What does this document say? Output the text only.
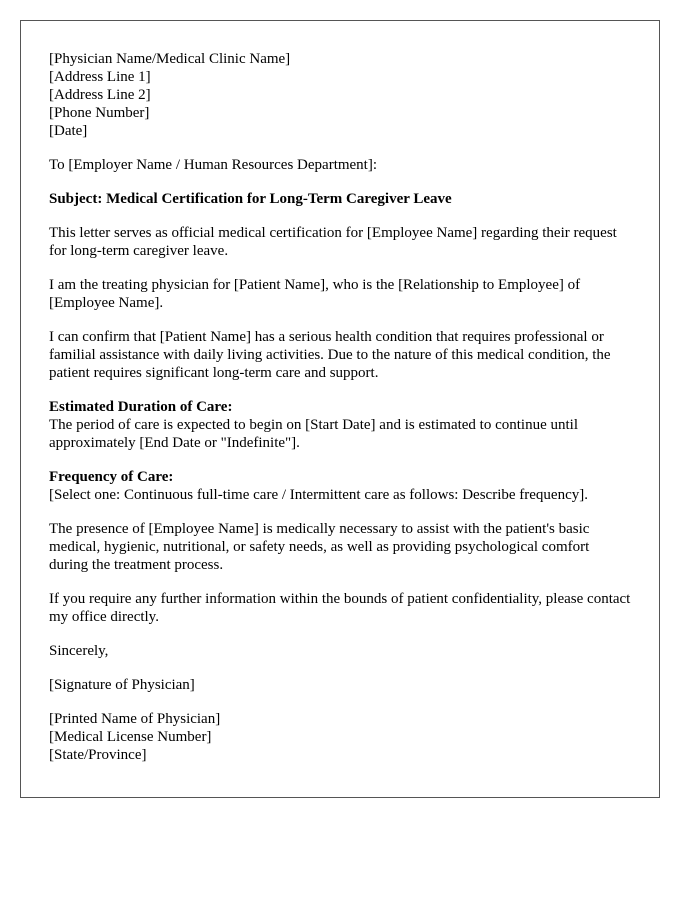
[Physician Name/Medical Clinic Name]
[Address Line 1]
[Address Line 2]
[Phone Number]
[Date]

To [Employer Name / Human Resources Department]:

Subject: Medical Certification for Long-Term Caregiver Leave

This letter serves as official medical certification for [Employee Name] regarding their request for long-term caregiver leave.

I am the treating physician for [Patient Name], who is the [Relationship to Employee] of [Employee Name].

I can confirm that [Patient Name] has a serious health condition that requires professional or familial assistance with daily living activities. Due to the nature of this medical condition, the patient requires significant long-term care and support.

Estimated Duration of Care:
The period of care is expected to begin on [Start Date] and is estimated to continue until approximately [End Date or "Indefinite"].
Frequency of Care:
[Select one: Continuous full-time care / Intermittent care as follows: Describe frequency].

The presence of [Employee Name] is medically necessary to assist with the patient's basic medical, hygienic, nutritional, or safety needs, as well as providing psychological comfort during the treatment process.

If you require any further information within the bounds of patient confidentiality, please contact my office directly.

Sincerely,

[Signature of Physician]

[Printed Name of Physician]
[Medical License Number]
[State/Province]
